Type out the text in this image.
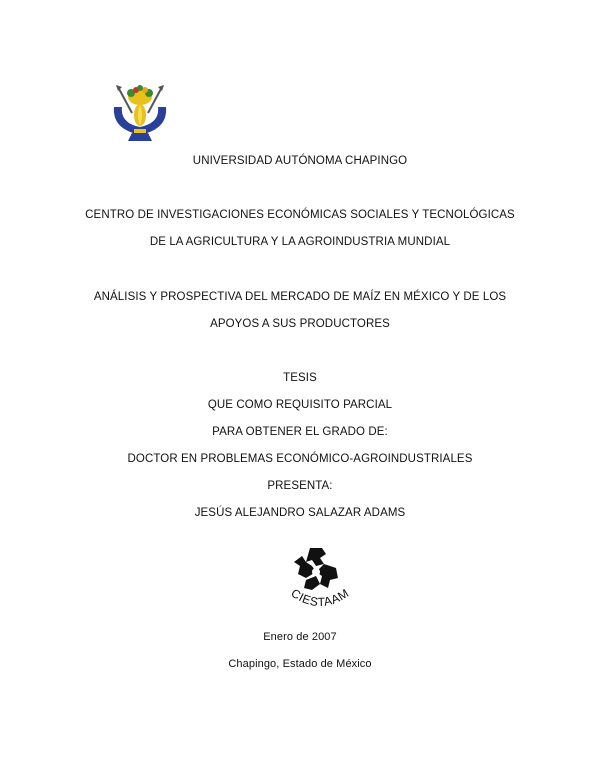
UNIVERSIDAD AUTÓNOMA CHAPINGO
CENTRO DE INVESTIGACIONES ECONÓMICAS SOCIALES Y TECNOLÓGICAS
DE LA AGRICULTURA Y LA AGROINDUSTRIA MUNDIAL
ANÁLISIS Y PROSPECTIVA DEL MERCADO DE MAÍZ EN MÉXICO Y DE LOS
APOYOS A SUS PRODUCTORES
TESIS
QUE COMO REQUISITO PARCIAL
PARA OBTENER EL GRADO DE:
DOCTOR EN PROBLEMAS ECONÓMICO-AGROINDUSTRIALES
PRESENTA:
JESÚS ALEJANDRO SALAZAR ADAMS
CIESTAAM
Enero de 2007
Chapingo, Estado de México
